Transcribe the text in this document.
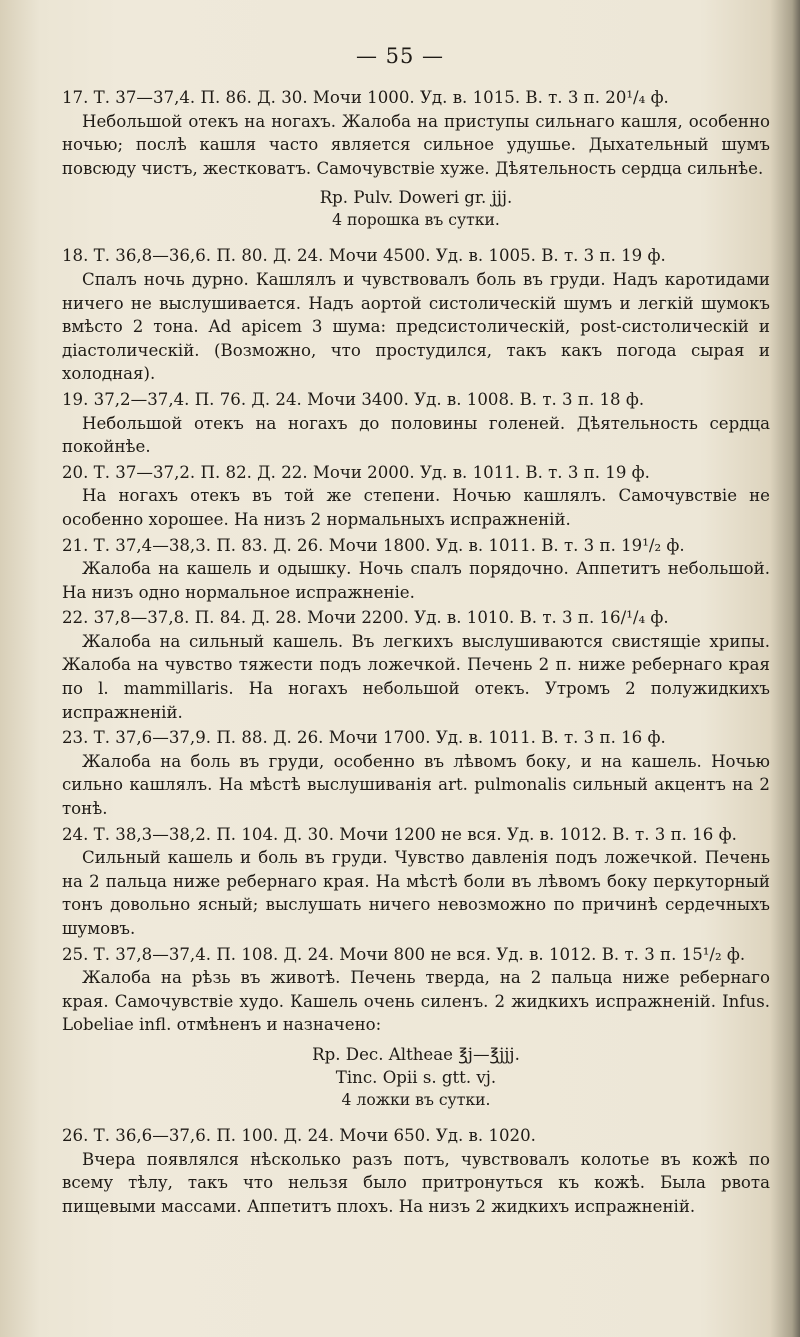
— 55 —

17. Т. 37—37,4. П. 86. Д. 30. Мочи 1000. Уд. в. 1015. В. т. 3 п. 20¹/₄ ф.

Небольшой отекъ на ногахъ. Жалоба на приступы сильнаго кашля, особенно ночью; послѣ кашля часто является сильное удушье. Дыхательный шумъ повсюду чистъ, жестковатъ. Самочувствіе хуже. Дѣятельность сердца сильнѣе.

Rp. Pulv. Doweri gr. jjj.
4 порошка въ сутки.

18. Т. 36,8—36,6. П. 80. Д. 24. Мочи 4500. Уд. в. 1005. В. т. 3 п. 19 ф.

Спалъ ночь дурно. Кашлялъ и чувствовалъ боль въ груди. Надъ каротидами ничего не выслушивается. Надъ аортой систолическій шумъ и легкій шумокъ вмѣсто 2 тона. Ad apicem 3 шума: предсистолическій, post-систолическій и діастолическій. (Возможно, что простудился, такъ какъ погода сырая и холодная).

19. 37,2—37,4. П. 76. Д. 24. Мочи 3400. Уд. в. 1008. В. т. 3 п. 18 ф.

Небольшой отекъ на ногахъ до половины голеней. Дѣятельность сердца покойнѣе.

20. Т. 37—37,2. П. 82. Д. 22. Мочи 2000. Уд. в. 1011. В. т. 3 п. 19 ф.

На ногахъ отекъ въ той же степени. Ночью кашлялъ. Самочувствіе не особенно хорошее. На низъ 2 нормальныхъ испражненій.

21. Т. 37,4—38,3. П. 83. Д. 26. Мочи 1800. Уд. в. 1011. В. т. 3 п. 19¹/₂ ф.

Жалоба на кашель и одышку. Ночь спалъ порядочно. Аппетитъ небольшой. На низъ одно нормальное испражненіе.

22. 37,8—37,8. П. 84. Д. 28. Мочи 2200. Уд. в. 1010. В. т. 3 п. 16/¹/₄ ф.

Жалоба на сильный кашель. Въ легкихъ выслушиваются свистящіе хрипы. Жалоба на чувство тяжести подъ ложечкой. Печень 2 п. ниже ребернаго края по l. mammillaris. На ногахъ небольшой отекъ. Утромъ 2 полужидкихъ испражненій.

23. Т. 37,6—37,9. П. 88. Д. 26. Мочи 1700. Уд. в. 1011. В. т. 3 п. 16 ф.

Жалоба на боль въ груди, особенно въ лѣвомъ боку, и на кашель. Ночью сильно кашлялъ. На мѣстѣ выслушиванія art. pulmonalis сильный акцентъ на 2 тонѣ.

24. Т. 38,3—38,2. П. 104. Д. 30. Мочи 1200 не вся. Уд. в. 1012. В. т. 3 п. 16 ф.

Сильный кашель и боль въ груди. Чувство давленія подъ ложечкой. Печень на 2 пальца ниже ребернаго края. На мѣстѣ боли въ лѣвомъ боку перкуторный тонъ довольно ясный; выслушать ничего невозможно по причинѣ сердечныхъ шумовъ.

25. Т. 37,8—37,4. П. 108. Д. 24. Мочи 800 не вся. Уд. в. 1012. В. т. 3 п. 15¹/₂ ф.

Жалоба на рѣзь въ животѣ. Печень тверда, на 2 пальца ниже ребернаго края. Самочувствіе худо. Кашель очень силенъ. 2 жидкихъ испражненій. Infus. Lobeliae infl. отмѣненъ и назначено:

Rp. Dec. Altheae ℥j—℥jjj.
Tinc. Opii s. gtt. vj.
4 ложки въ сутки.

26. Т. 36,6—37,6. П. 100. Д. 24. Мочи 650. Уд. в. 1020.

Вчера появлялся нѣсколько разъ потъ, чувствовалъ колотье въ кожѣ по всему тѣлу, такъ что нельзя было притронуться къ кожѣ. Была рвота пищевыми массами. Аппетитъ плохъ. На низъ 2 жидкихъ испражненій.
